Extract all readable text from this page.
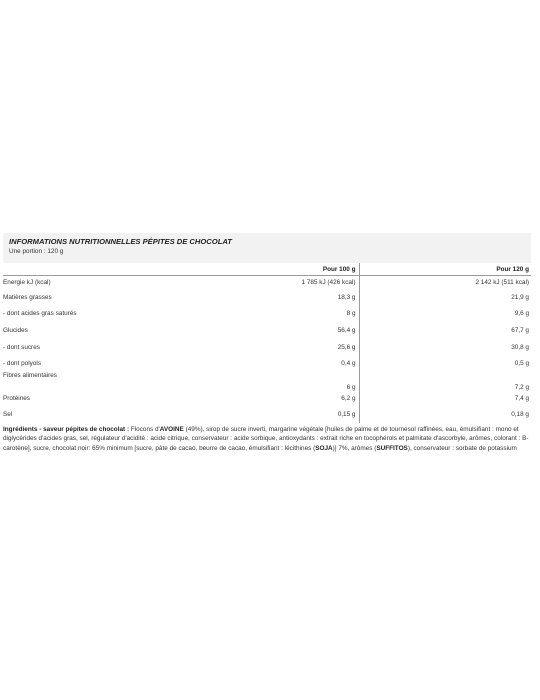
INFORMATIONS NUTRITIONNELLES PÉPITES DE CHOCOLAT
Une portion : 120 g
	Pour 100 g	Pour 120 g
Energie kJ (kcal)	1 785 kJ (426 kcal)	2 142 kJ (511 kcal)
Matières grasses	18,3 g	21,9 g
- dont acides gras saturés	8 g	9,6 g
Glucides	56,4 g	67,7 g
- dont sucres	25,6 g	30,8 g
- dont polyols	0,4 g	0,5 g
Fibres alimentaires	6 g	7,2 g
Protéines	6,2 g	7,4 g
Sel	0,15 g	0,18 g
Ingrédients - saveur pépites de chocolat : Flocons d'AVOINE (49%), sirop de sucre inverti, margarine végétale [huiles de palme et de tournesol raffinées, eau, émulsifiant : mono et diglycérides d'acides gras, sel, régulateur d'acidité : acide citrique, conservateur : acide sorbique, antioxydants : extrait riche en tocophérols et palmitate d'ascorbyle, arômes, colorant : B-carotène], sucre, chocolat noir: 65% minimum [sucre, pâte de cacao, beurre de cacao, émulsifiant : lécithines (SOJA)] 7%, arômes (SUFFITOS), conservateur : sorbate de potassium
